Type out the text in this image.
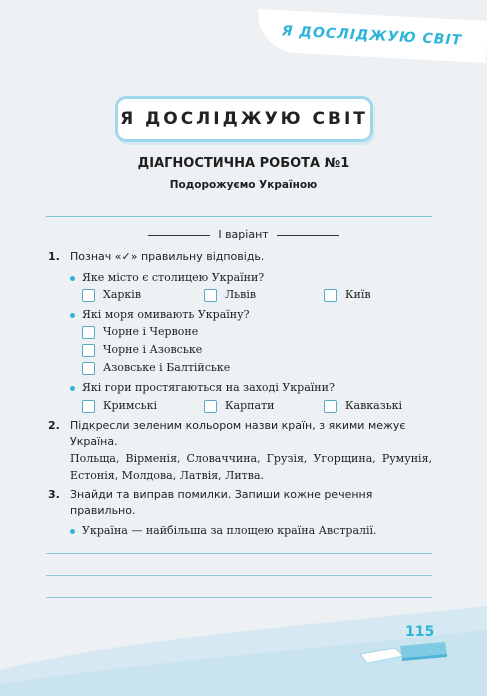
Я ДОСЛІДЖУЮ СВІТ
Я ДОСЛІДЖУЮ СВІТ
ДІАГНОСТИЧНА РОБОТА №1
Подорожуємо Україною
І варіант
1. Познач «✓» правильну відповідь.
Яке місто є столицею України?
Харків	Львів	Київ
Які моря омивають Україну?
Чорне і Червоне
Чорне і Азовське
Азовське і Балтійське
Які гори простягаються на заході України?
Кримські	Карпати	Кавказькі
2. Підкресли зеленим кольором назви країн, з якими межує
Україна.
Польща, Вірменія, Словаччина, Грузія, Угорщина, Румунія, Естонія, Молдова, Латвія, Литва.
3. Знайди та виправ помилки. Запиши кожне речення
правильно.
Україна — найбільша за площею країна Австралії.
115
